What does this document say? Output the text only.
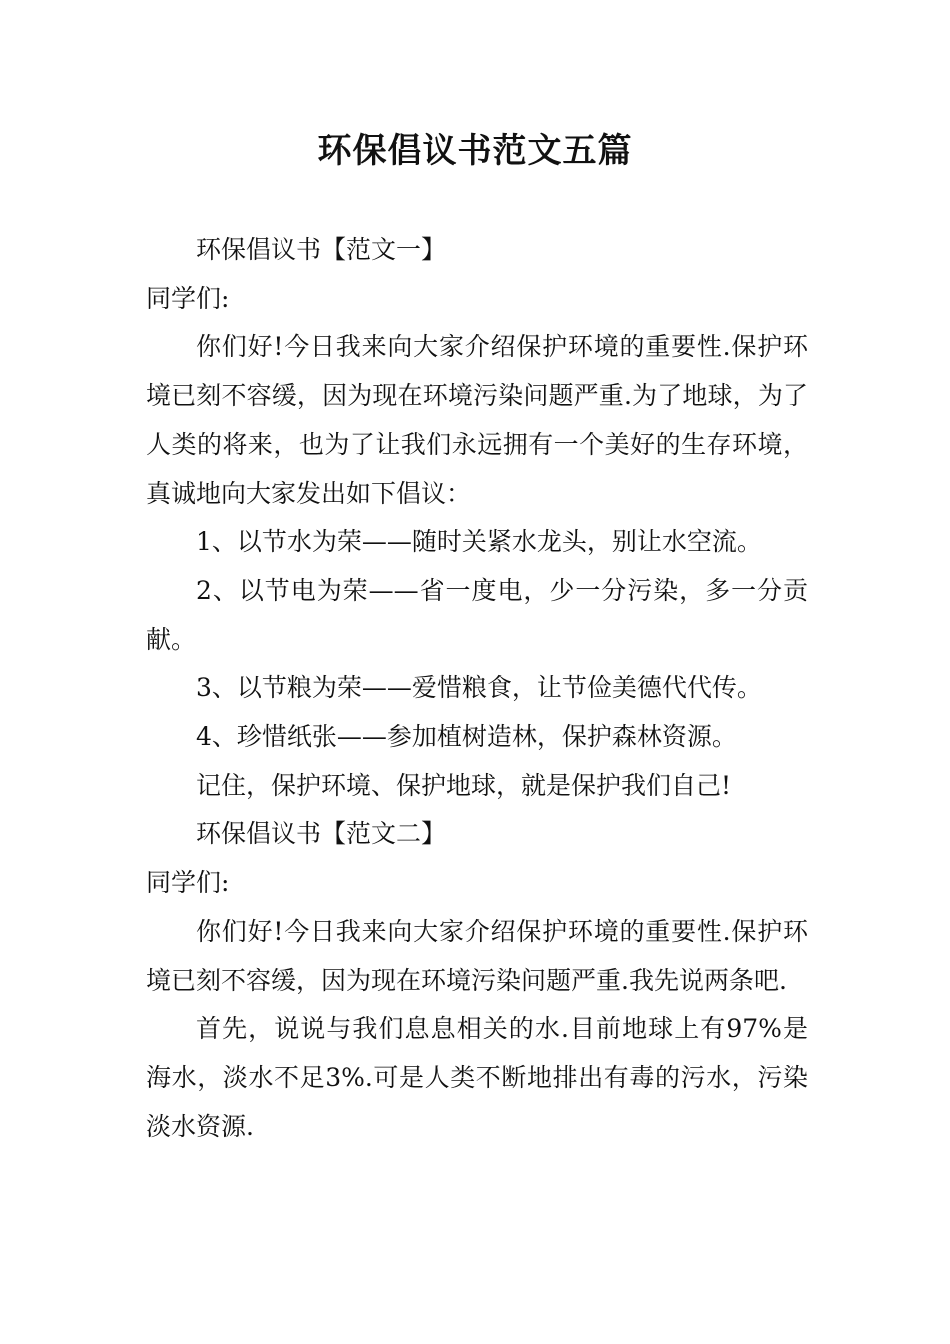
环保倡议书范文五篇

环保倡议书【范文一】

同学们:

你们好!今日我来向大家介绍保护环境的重要性.保护环境已刻不容缓，因为现在环境污染问题严重.为了地球，为了人类的将来，也为了让我们永远拥有一个美好的生存环境，真诚地向大家发出如下倡议：

1、以节水为荣——随时关紧水龙头，别让水空流。

2、以节电为荣——省一度电，少一分污染，多一分贡献。

3、以节粮为荣——爱惜粮食，让节俭美德代代传。

4、珍惜纸张——参加植树造林，保护森林资源。

记住，保护环境、保护地球，就是保护我们自己!

环保倡议书【范文二】

同学们:

你们好!今日我来向大家介绍保护环境的重要性.保护环境已刻不容缓，因为现在环境污染问题严重.我先说两条吧.

首先，说说与我们息息相关的水.目前地球上有97%是海水，淡水不足3%.可是人类不断地排出有毒的污水，污染淡水资源.
